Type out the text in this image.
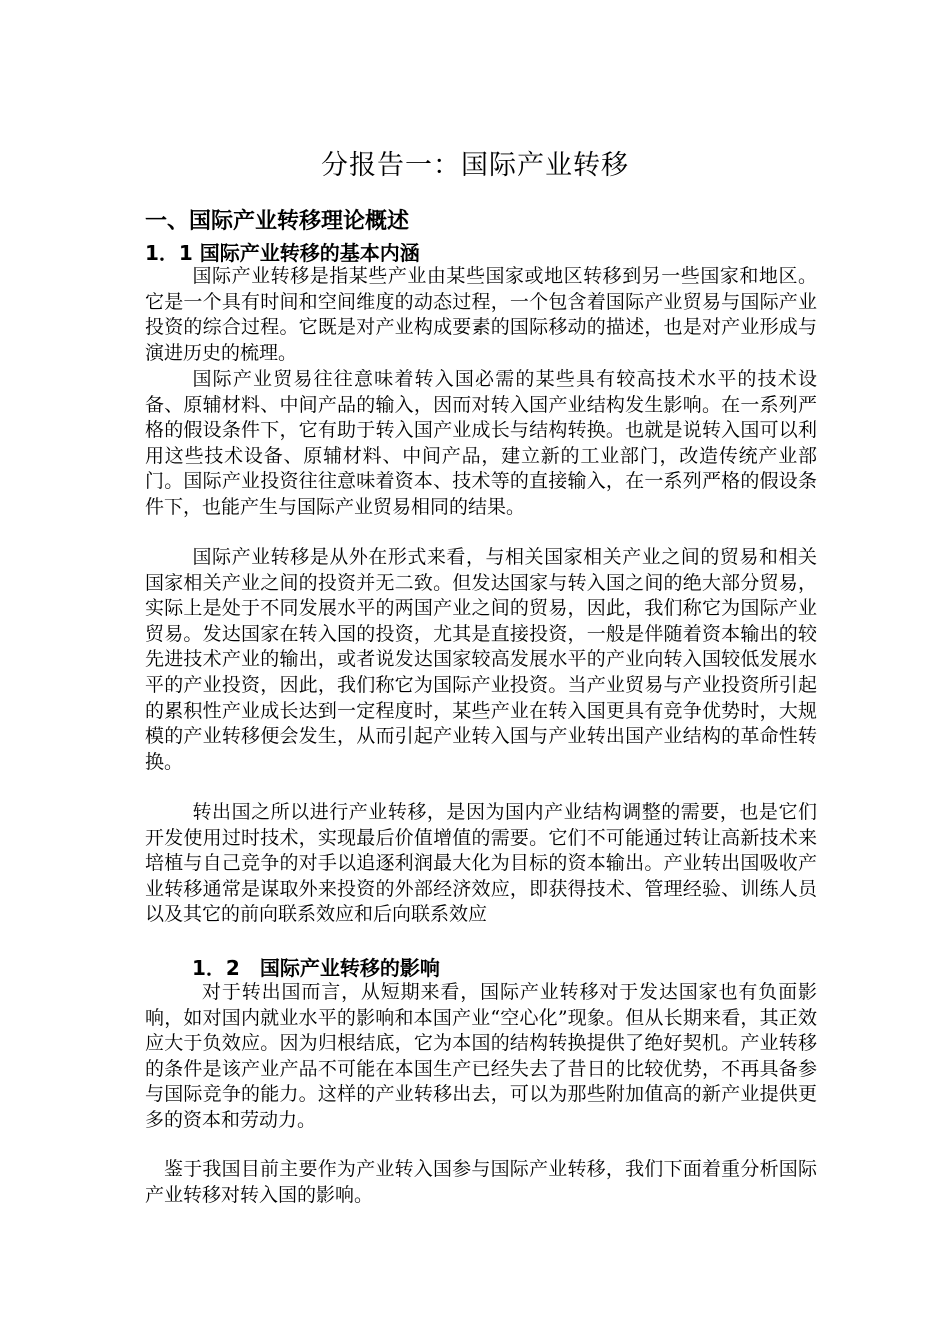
分报告一：国际产业转移
一、国际产业转移理论概述
1．1 国际产业转移的基本内涵

国际产业转移是指某些产业由某些国家或地区转移到另一些国家和地区。它是一个具有时间和空间维度的动态过程，一个包含着国际产业贸易与国际产业投资的综合过程。它既是对产业构成要素的国际移动的描述，也是对产业形成与演进历史的梳理。

国际产业贸易往往意味着转入国必需的某些具有较高技术水平的技术设备、原辅材料、中间产品的输入，因而对转入国产业结构发生影响。在一系列严格的假设条件下，它有助于转入国产业成长与结构转换。也就是说转入国可以利用这些技术设备、原辅材料、中间产品，建立新的工业部门，改造传统产业部门。国际产业投资往往意味着资本、技术等的直接输入，在一系列严格的假设条件下，也能产生与国际产业贸易相同的结果。

国际产业转移是从外在形式来看，与相关国家相关产业之间的贸易和相关国家相关产业之间的投资并无二致。但发达国家与转入国之间的绝大部分贸易，实际上是处于不同发展水平的两国产业之间的贸易，因此，我们称它为国际产业贸易。发达国家在转入国的投资，尤其是直接投资，一般是伴随着资本输出的较先进技术产业的输出，或者说发达国家较高发展水平的产业向转入国较低发展水平的产业投资，因此，我们称它为国际产业投资。当产业贸易与产业投资所引起的累积性产业成长达到一定程度时，某些产业在转入国更具有竞争优势时，大规模的产业转移便会发生，从而引起产业转入国与产业转出国产业结构的革命性转换。

转出国之所以进行产业转移，是因为国内产业结构调整的需要，也是它们开发使用过时技术，实现最后价值增值的需要。它们不可能通过转让高新技术来培植与自己竞争的对手以追逐利润最大化为目标的资本输出。产业转出国吸收产业转移通常是谋取外来投资的外部经济效应，即获得技术、管理经验、训练人员以及其它的前向联系效应和后向联系效应

1．2　国际产业转移的影响

对于转出国而言，从短期来看，国际产业转移对于发达国家也有负面影响，如对国内就业水平的影响和本国产业“空心化”现象。但从长期来看，其正效应大于负效应。因为归根结底，它为本国的结构转换提供了绝好契机。产业转移的条件是该产业产品不可能在本国生产已经失去了昔日的比较优势，不再具备参与国际竞争的能力。这样的产业转移出去，可以为那些附加值高的新产业提供更多的资本和劳动力。

鉴于我国目前主要作为产业转入国参与国际产业转移，我们下面着重分析国际产业转移对转入国的影响。
